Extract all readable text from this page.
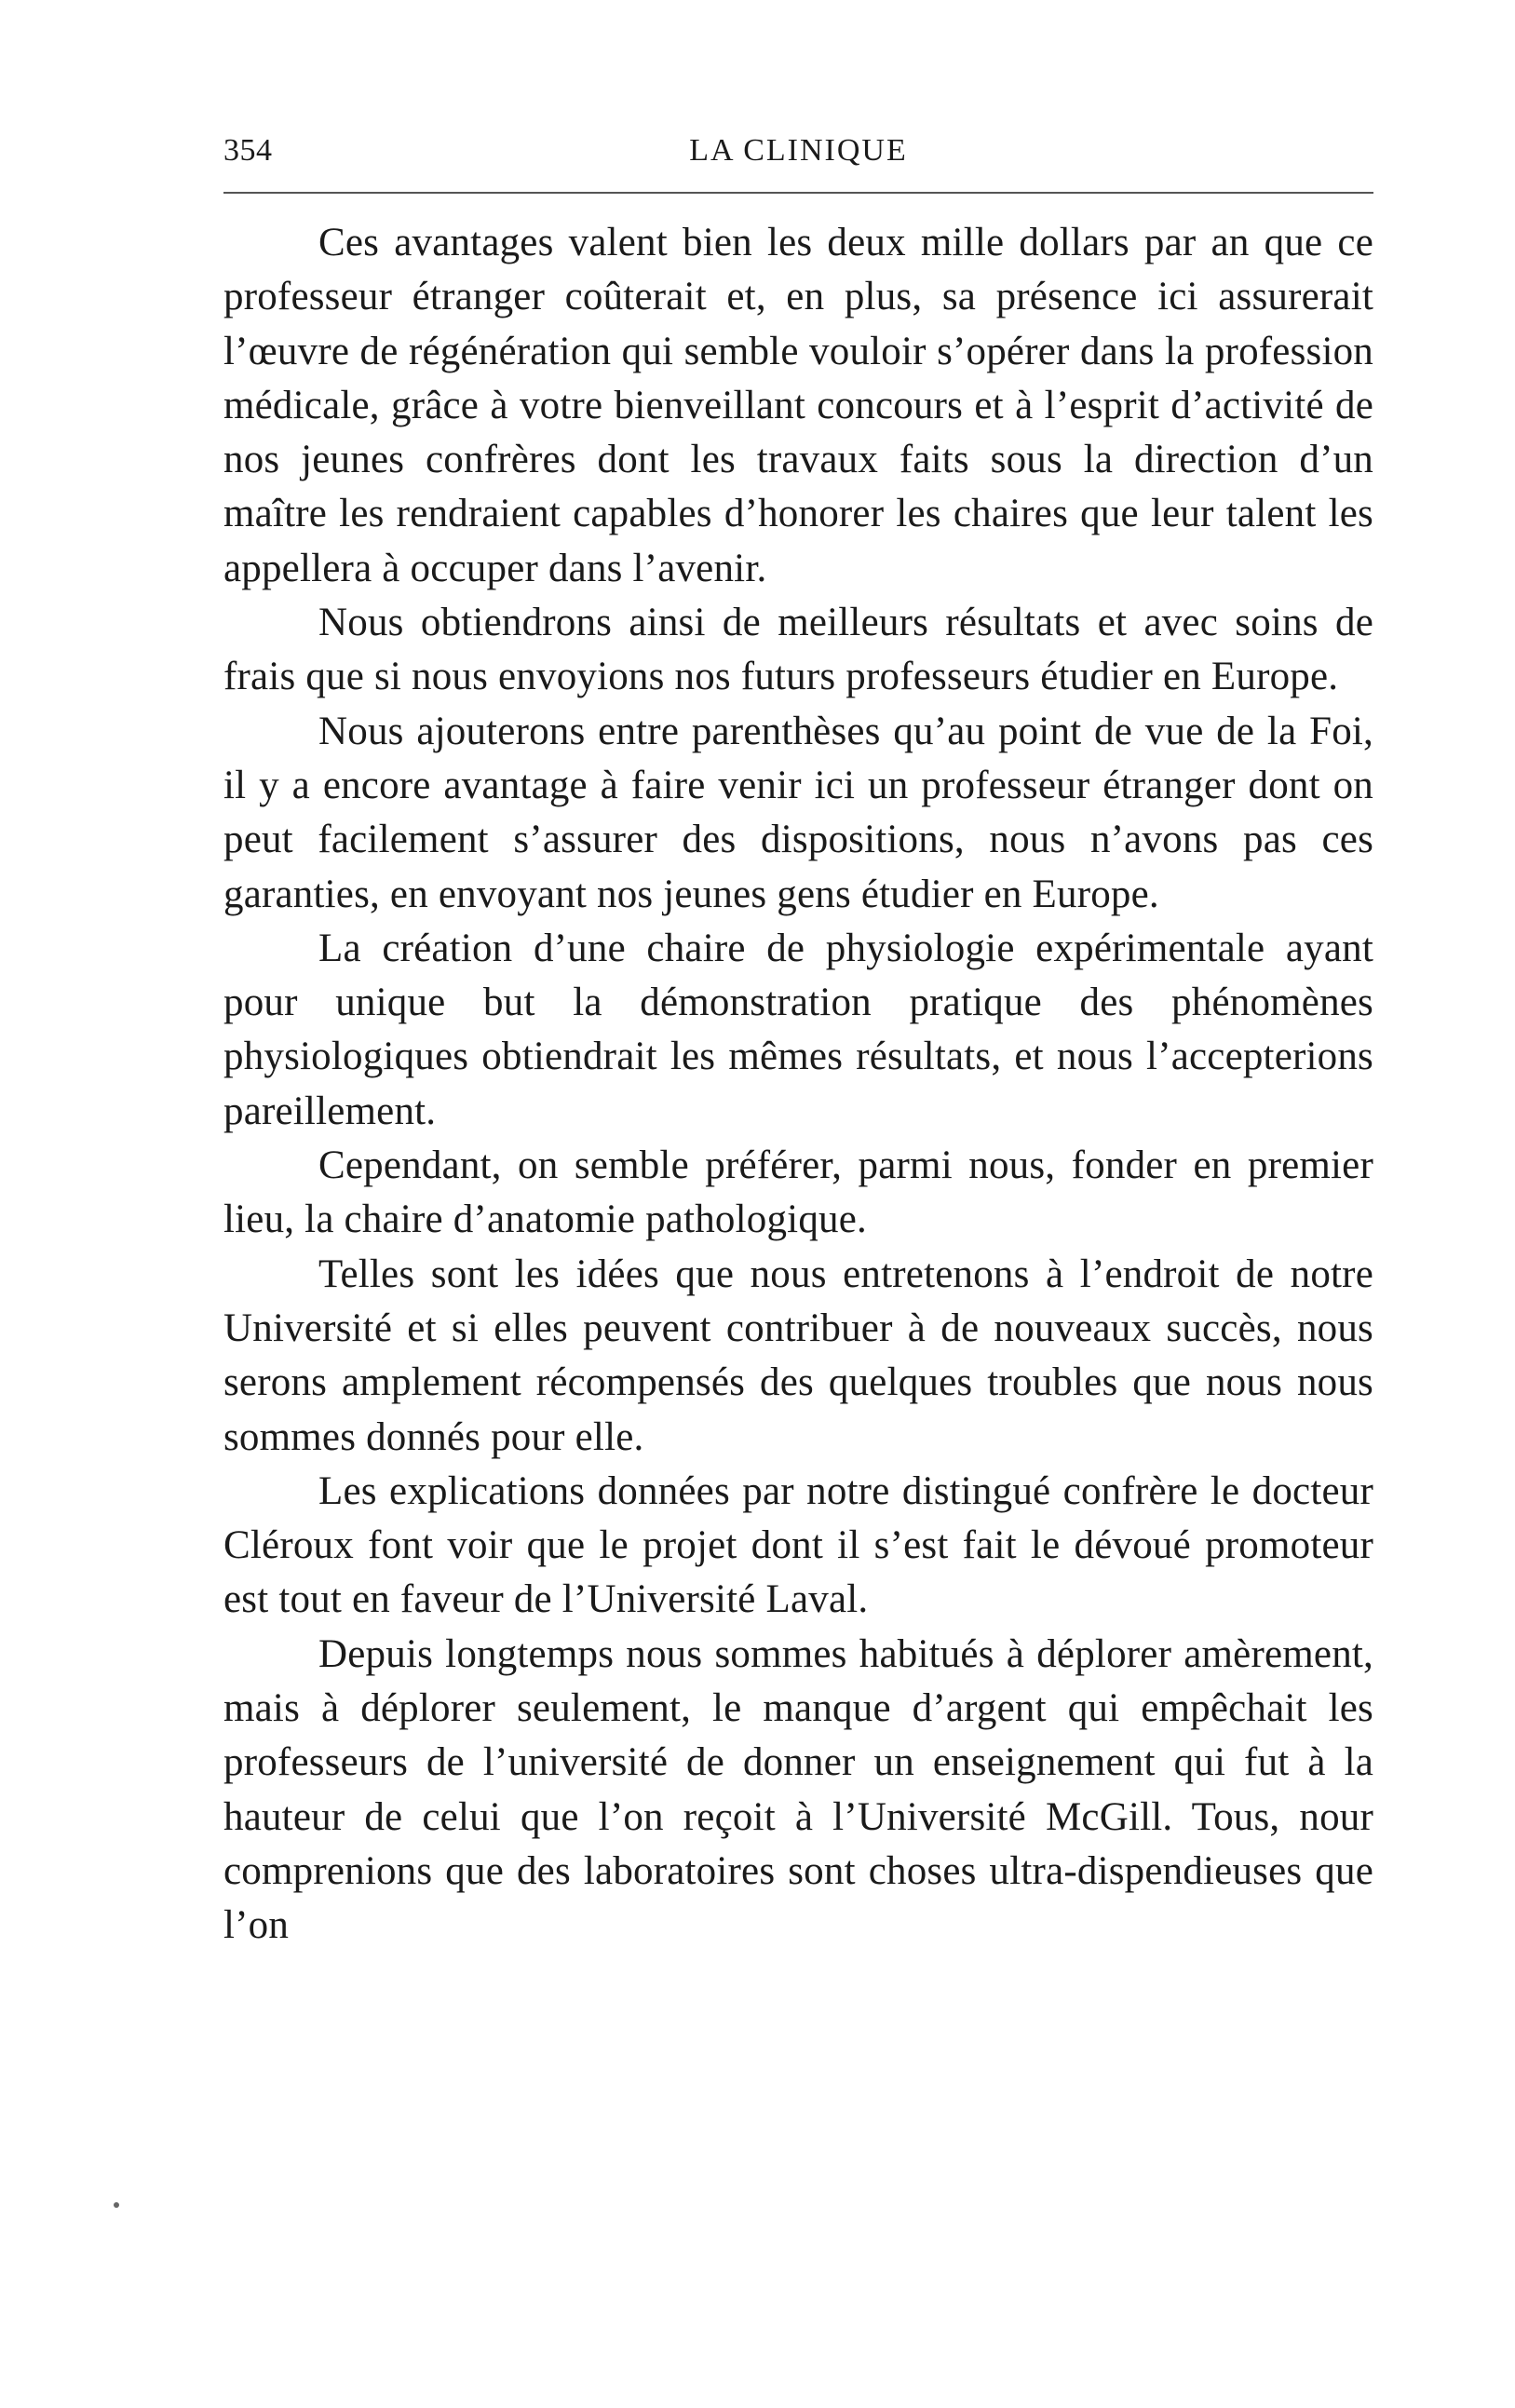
354	LA CLINIQUE

Ces avantages valent bien les deux mille dollars par an que ce professeur étranger coûterait et, en plus, sa présence ici assurerait l’œuvre de régénération qui semble vouloir s’opérer dans la profession médicale, grâce à votre bienveillant concours et à l’esprit d’activité de nos jeunes confrères dont les travaux faits sous la direction d’un maître les rendraient capables d’honorer les chaires que leur talent les appellera à occuper dans l’avenir.

Nous obtiendrons ainsi de meilleurs résultats et avec soins de frais que si nous envoyions nos futurs professeurs étudier en Europe.

Nous ajouterons entre parenthèses qu’au point de vue de la Foi, il y a encore avantage à faire venir ici un professeur étranger dont on peut facilement s’assurer des dispositions, nous n’avons pas ces garanties, en envoyant nos jeunes gens étudier en Europe.

La création d’une chaire de physiologie expérimentale ayant pour unique but la démonstration pratique des phénomènes physiologiques obtiendrait les mêmes résultats, et nous l’accepterions pareillement.

Cependant, on semble préférer, parmi nous, fonder en premier lieu, la chaire d’anatomie pathologique.

Telles sont les idées que nous entretenons à l’endroit de notre Université et si elles peuvent contribuer à de nouveaux succès, nous serons amplement récompensés des quelques troubles que nous nous sommes donnés pour elle.

Les explications données par notre distingué confrère le docteur Cléroux font voir que le projet dont il s’est fait le dévoué promoteur est tout en faveur de l’Université Laval.

Depuis longtemps nous sommes habitués à déplorer amèrement, mais à déplorer seulement, le manque d’argent qui empêchait les professeurs de l’université de donner un enseignement qui fut à la hauteur de celui que l’on reçoit à l’Université McGill. Tous, nour comprenions que des laboratoires sont choses ultra-dispendieuses que l’on
